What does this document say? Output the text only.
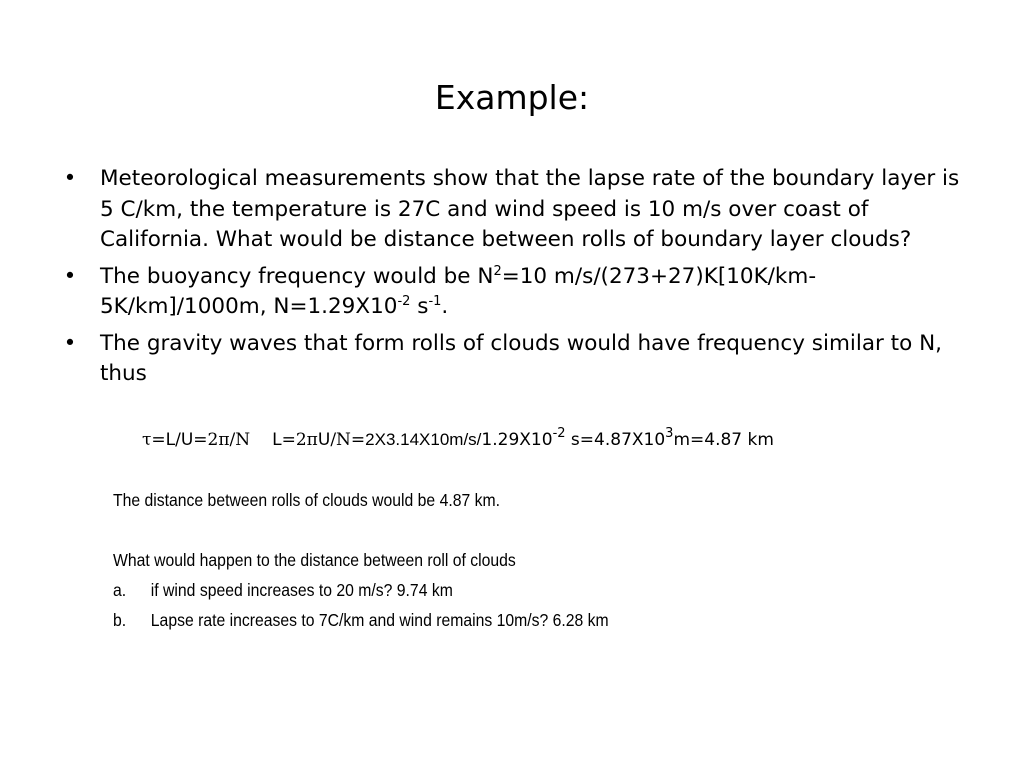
Example:
• Meteorological measurements show that the lapse rate of the boundary layer is 5 C/km, the temperature is 27C and wind speed is 10 m/s over coast of California. What would be distance between rolls of boundary layer clouds?
• The buoyancy frequency would be $N^2=10$ m/s/(273+27)K[10K/km-5K/km]/1000m, $N=1.29X10^{-2}$ $s^{-1}$.
• The gravity waves that form rolls of clouds would have frequency similar to N, thus
τ=L/U=2π/N $L=2\pi U/N=2X3.14X10m/s/1.29X10^{-2}$ $s=4.87X10^3m=4.87$ km
The distance between rolls of clouds would be 4.87 km.
What would happen to the distance between roll of clouds
a. if wind speed increases to 20 m/s? 9.74 km
b. Lapse rate increases to 7C/km and wind remains 10m/s? 6.28 km
